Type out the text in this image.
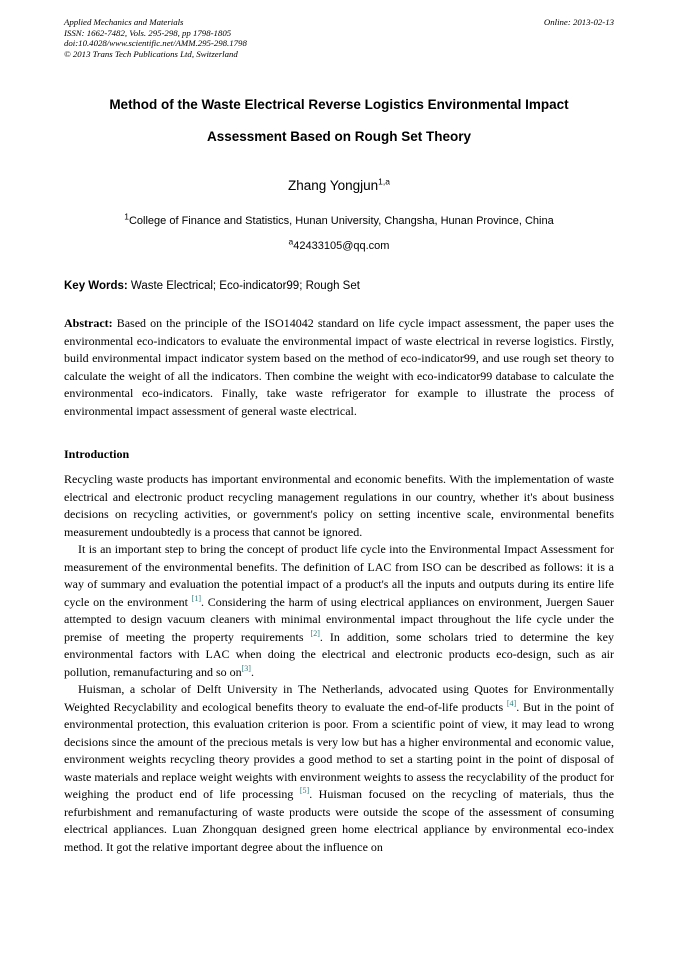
Applied Mechanics and Materials
ISSN: 1662-7482, Vols. 295-298, pp 1798-1805
doi:10.4028/www.scientific.net/AMM.295-298.1798
© 2013 Trans Tech Publications Ltd, Switzerland
Online: 2013-02-13
Method of the Waste Electrical Reverse Logistics Environmental Impact
Assessment Based on Rough Set Theory
Zhang Yongjun$^{1,a}$
$^1$College of Finance and Statistics, Hunan University, Changsha, Hunan Province, China
$^a$42433105@qq.com
Key Words: Waste Electrical; Eco-indicator99; Rough Set
Abstract: Based on the principle of the ISO14042 standard on life cycle impact assessment, the paper uses the environmental eco-indicators to evaluate the environmental impact of waste electrical in reverse logistics. Firstly, build environmental impact indicator system based on the method of eco-indicator99, and use rough set theory to calculate the weight of all the indicators. Then combine the weight with eco-indicator99 database to calculate the environmental eco-indicators. Finally, take waste refrigerator for example to illustrate the process of environmental impact assessment of general waste electrical.
Introduction

Recycling waste products has important environmental and economic benefits. With the implementation of waste electrical and electronic product recycling management regulations in our country, whether it's about business decisions on recycling activities, or government's policy on setting incentive scale, environmental benefits measurement undoubtedly is a process that cannot be ignored.

It is an important step to bring the concept of product life cycle into the Environmental Impact Assessment for measurement of the environmental benefits. The definition of LAC from ISO can be described as follows: it is a way of summary and evaluation the potential impact of a product's all the inputs and outputs during its entire life cycle on the environment [1]. Considering the harm of using electrical appliances on environment, Juergen Sauer attempted to design vacuum cleaners with minimal environmental impact throughout the life cycle under the premise of meeting the property requirements [2]. In addition, some scholars tried to determine the key environmental factors with LAC when doing the electrical and electronic products eco-design, such as air pollution, remanufacturing and so on[3].

Huisman, a scholar of Delft University in The Netherlands, advocated using Quotes for Environmentally Weighted Recyclability and ecological benefits theory to evaluate the end-of-life products [4]. But in the point of environmental protection, this evaluation criterion is poor. From a scientific point of view, it may lead to wrong decisions since the amount of the precious metals is very low but has a higher environmental and economic value, environment weights recycling theory provides a good method to set a starting point in the point of disposal of waste materials and replace weight weights with environment weights to assess the recyclability of the product for weighing the product end of life processing [5]. Huisman focused on the recycling of materials, thus the refurbishment and remanufacturing of waste products were outside the scope of the assessment of consuming electrical appliances. Luan Zhongquan designed green home electrical appliance by environmental eco-index method. It got the relative important degree about the influence on
